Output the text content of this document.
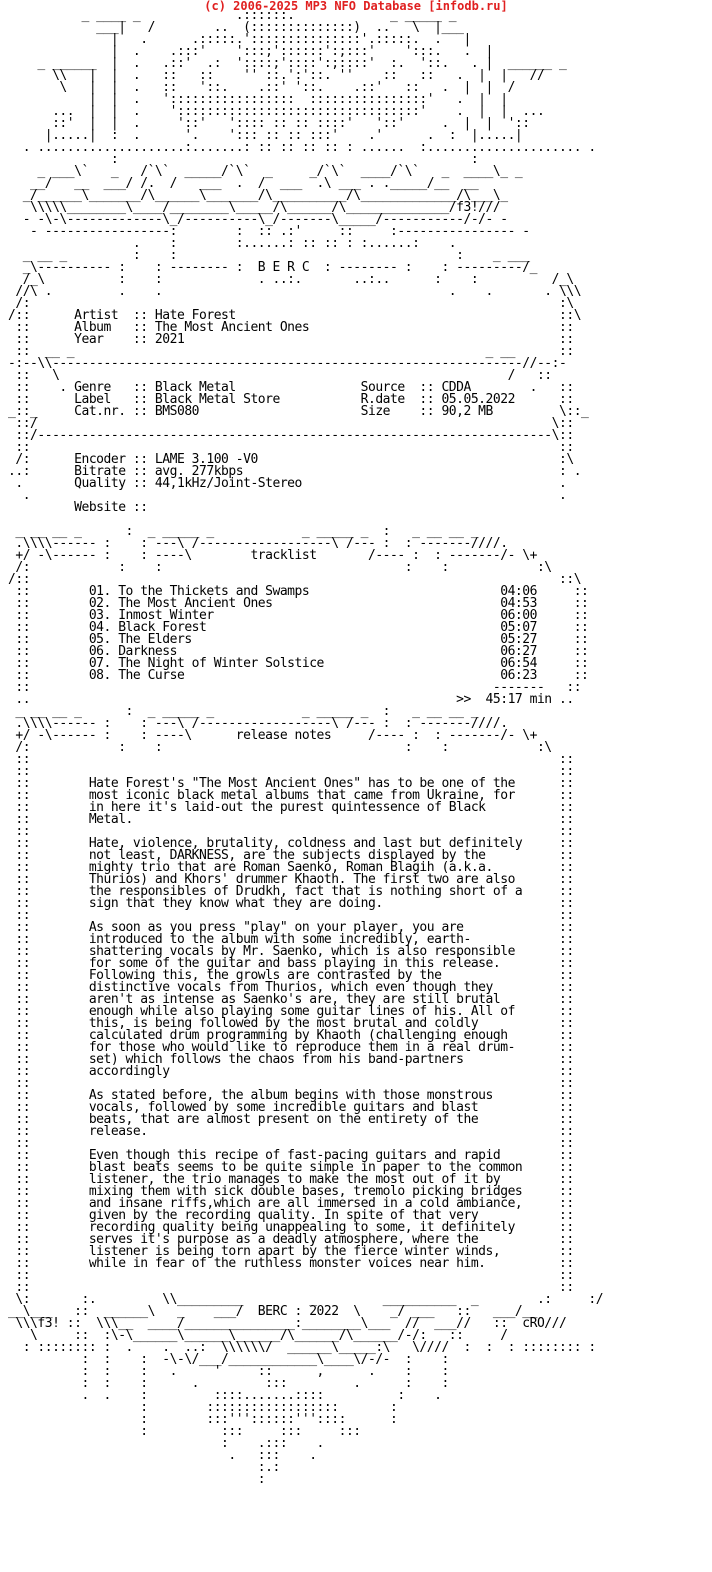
(c) 2006-2025 MP3 NFO Database [infodb.ru]
_ ____ _             .::::::.             _ _____ _
___|   /        ..  (::::::::::::::)  ..   \  |___
|   .      .:::::.':::::::::::::::'.:::::.  .   |
|  .    .:::'    ':::;'::::::':;:::'    ':::.   .  |
_ ______  |  .   .::'  .:  '::::;'::::':;::::'  :.  '::.   . |  ______ _
\\   |  |  .   ::   ::    '' ::.':'::. ''    ::   ::   .  |  |   //
\   |  |  .   ::   '::.    .::' '::.    .::'   ::   .  |  |  /
|  |  .   ':::::::::::::::::  ::::::::::::::::'   .  |  |
...  |  |  .    ':::::::::::::::::::::::::::::::::'    .  |  |  ...
::'  |  |  .     '::'   ':::: :: :: ::::'   '::'     .  |  |  '::
|.....|  :  .      '.    '::: :: :: :::'    .'      .  :  |.....|
. ....................:.......: :: :: :: :: : ......  :..................... .
:                                                :
_ ___\`   _   /`\`  _____/`\`  _     _/`\`  ____/`\`   _  ____\_ _
__/   __  ___/ /.  /   ___  .  /  ___  .\ ___ . ._____/__  __
_/______\_______/\______\_______/\__________/\_____________/\___\_
\\\\\________\____/________\_____/\______/\______________/f3!///
- -\-\-------------\_/----------\_/-------\_____/-----------/-/- -
- -----------------:        :  :: .:'     ::     :---------------- -
.    :        :......: :: :: : :......:    .
_ __ _         :    :                                      :    _ ___
_\---------- :    : -------- :  B E R C  : -------- :    : ---------/_
/_\          :    :             . ..:.       ..:..      :    :          /_\
//\ .         .    .                                       .    .       . \\\
/:                                                                        :\
/::      Artist  :: Hate Forest                                            ::\
::      Album   :: The Most Ancient Ones                                  ::
::      Year    :: 2021                                                   ::
::  __ _                                                        _ __      ::
-:--\\----------------------------------------------------------------//--:-
::   \                                                             /   ::
::    . Genre   :: Black Metal                 Source  :: CDDA        .   ::
::      Label   :: Black Metal Store           R.date  :: 05.05.2022      ::
_::_     Cat.nr. :: BMS080                      Size    :: 90,2 MB         \::_
::/                                                                      \::
::/----------------------------------------------------------------------\::
::                                                                        ::
/:      Encoder :: LAME 3.100 -V0                                         :\
..:      Bitrate :: avg. 277kbps                                           : .
.       Quality :: 44,1kHz/Joint-Stereo                                   .
.                                                                        .
Website ::

_ __ __ _      :  _ _____ _            _ _____ _  :   _ __ __ _
.\\\\------ :    : ---\ /------------------\ /--- :  : -------////.
+/ -\------ :    : ----\        tracklist       /---- :  : -------/- \+
/:            :    :                                 :    :            :\
/::                                                                        ::\
::        01. To the Thickets and Swamps                          04:06     ::
::        02. The Most Ancient Ones                               04:53     ::
::        03. Inmost Winter                                       06:00     ::
::        04. Black Forest                                        05:07     ::
::        05. The Elders                                          05:27     ::
::        06. Darkness                                            06:27     ::
::        07. The Night of Winter Solstice                        06:54     ::
::        08. The Curse                                           06:23     ::
::                                                               -------   ::
..                                                          >>  45:17 min ..
_ __ __ _      :  _ _____ _            _ _____ _  :   _ __ __ _
.\\\\------ :    : ---\ /------------------\ /--- :  : -------////.
+/ -\------ :    : ----\      release notes     /---- :  : -------/- \+
/:            :    :                                 :    :            :\
::                                                                        ::
::                                                                        ::
::        Hate Forest's "The Most Ancient Ones" has to be one of the      ::
::        most iconic black metal albums that came from Ukraine, for      ::
::        in here it's laid-out the purest quintessence of Black          ::
::        Metal.                                                          ::
::                                                                        ::
::        Hate, violence, brutality, coldness and last but definitely     ::
::        not least, DARKNESS, are the subjects displayed by the          ::
::        mighty trio that are Roman Saenko, Roman Blagih (a.k.a.         ::
::        Thurios) and Khors' drummer Khaoth. The first two are also      ::
::        the responsibles of Drudkh, fact that is nothing short of a     ::
::        sign that they know what they are doing.                        ::
::                                                                        ::
::        As soon as you press "play" on your player, you are             ::
::        introduced to the album with some incredibly, earth-            ::
::        shattering vocals by Mr. Saenko, which is also responsible      ::
::        for some of the guitar and bass playing in this release.        ::
::        Following this, the growls are contrasted by the                ::
::        distinctive vocals from Thurios, which even though they         ::
::        aren't as intense as Saenko's are, they are still brutal        ::
::        enough while also playing some guitar lines of his. All of      ::
::        this, is being followed by the most brutal and coldly           ::
::        calculated drum programming by Khaoth (challenging enough       ::
::        for those who would like to reproduce them in a real drum-      ::
::        set) which follows the chaos from his band-partners             ::
::        accordingly                                                     ::
::                                                                        ::
::        As stated before, the album begins with those monstrous         ::
::        vocals, followed by some incredible guitars and blast           ::
::        beats, that are almost present on the entirety of the           ::
::        release.                                                        ::
::                                                                        ::
::        Even though this recipe of fast-pacing guitars and rapid        ::
::        blast beats seems to be quite simple in paper to the common     ::
::        listener, the trio manages to make the most out of it by        ::
::        mixing them with sick double bases, tremolo picking bridges     ::
::        and insane riffs,which are all immersed in a cold ambiance,     ::
::        given by the recording quality. In spite of that very           ::
::        recording quality being unappealing to some, it definitely      ::
::        serves it's purpose as a deadly atmosphere, where the           ::
::        listener is being torn apart by the fierce winter winds,        ::
::        while in fear of the ruthless monster voices near him.          ::
::                                                                        ::
::                                                                        ::
\:       :.         \\_________         _         __________  _        .:     :/
__\___   ::  ______\   _    ___/  BERC : 2022  \    _/ ___   ::   ___/__
\\\f3! ::  \\\__  ____/_______________:________\___  //  ___//   ::  cRO///
\     ::  :\-\______\______\______/\______/\______/-/:   ::     /
: :::::::: :  .    .  ..:  \\\\\\/  ______\_____:\   \////  :  :  : :::::::: :
:  :    :  -\-\/___/____________\____\/-/-  :    :
:  :    :   .     '     ::      ,      .    :    :
:  :    :      .         :::         .      :    :
.  .    :         ::::.......::::          :    .
:        ::::::::::::::::::       :
:        :::'''::::::'''::::      :
:          :::     :::     :::
:    .:::    .
.   :::    .
:.:
:
